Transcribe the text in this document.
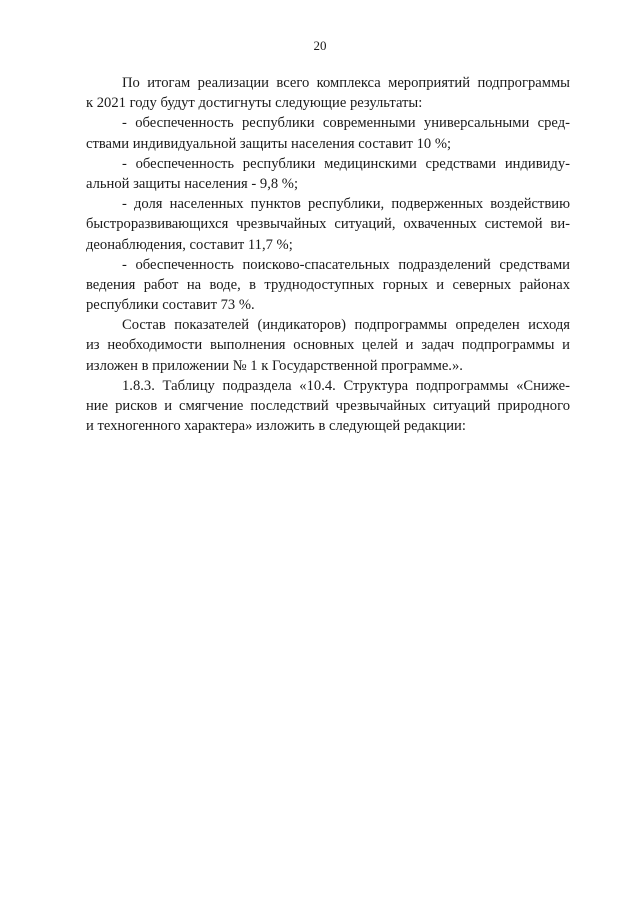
20
По итогам реализации всего комплекса мероприятий подпрограммы
к 2021 году будут достигнуты следующие результаты:
- обеспеченность республики современными универсальными сред-
ствами индивидуальной защиты населения составит 10 %;
- обеспеченность республики медицинскими средствами индивиду-
альной защиты населения - 9,8 %;
- доля населенных пунктов республики, подверженных воздействию
быстроразвивающихся чрезвычайных ситуаций, охваченных системой ви-
деонаблюдения, составит 11,7 %;
- обеспеченность поисково-спасательных подразделений средствами
ведения работ на воде, в труднодоступных горных и северных районах
республики составит 73 %.
Состав показателей (индикаторов) подпрограммы определен исходя
из необходимости выполнения основных целей и задач подпрограммы и
изложен в приложении № 1 к Государственной программе.».
1.8.3. Таблицу подраздела «10.4. Структура подпрограммы «Сниже-
ние рисков и смягчение последствий чрезвычайных ситуаций природного
и техногенного характера» изложить в следующей редакции:
